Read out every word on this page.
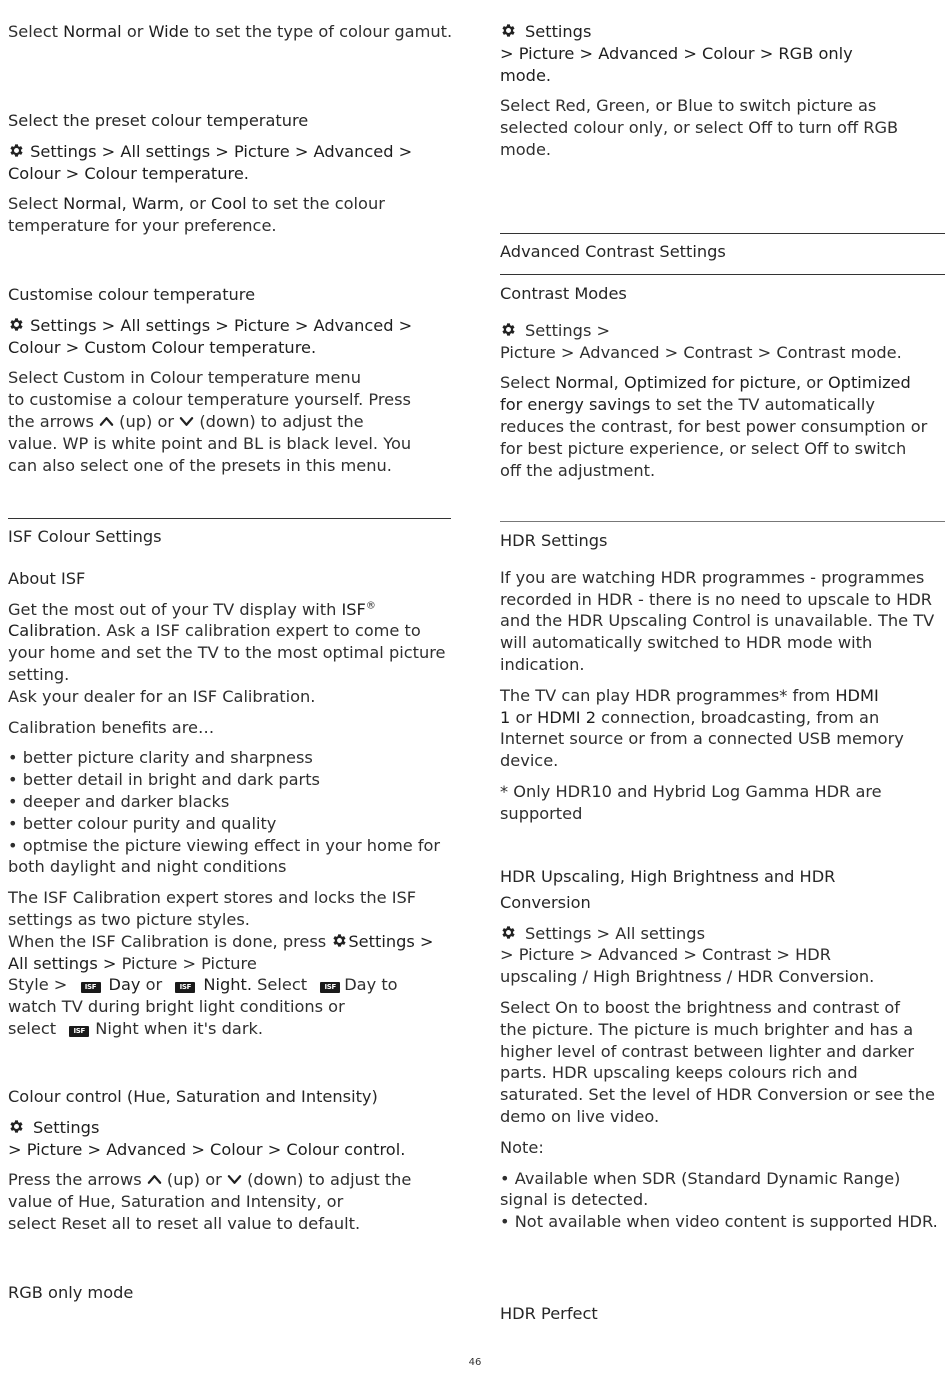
Select Normal or Wide to set the type of colour gamut.

Select the preset colour temperature

Settings > All settings > Picture > Advanced >

Colour > Colour temperature.

Select Normal, Warm, or Cool to set the colour temperature for your preference.

Customise colour temperature

Settings > All settings > Picture > Advanced >

Colour > Custom Colour temperature.

Select Custom in Colour temperature menu

to customise a colour temperature yourself. Press

the arrows  (up) or  (down) to adjust the

value. WP is white point and BL is black level. You

can also select one of the presets in this menu.

ISF Colour Settings

About ISF

Get the most out of your TV display with ISF®

Calibration. Ask a ISF calibration expert to come to

your home and set the TV to the most optimal picture

setting.

Ask your dealer for an ISF Calibration.

Calibration benefits are…

• better picture clarity and sharpness

• better detail in bright and dark parts

• deeper and darker blacks

• better colour purity and quality

• optmise the picture viewing effect in your home for

both daylight and night conditions

The ISF Calibration expert stores and locks the ISF

settings as two picture styles.

When the ISF Calibration is done, press Settings >

All settings > Picture > Picture

Style > ISF Day or ISF Night. Select ISF Day to

watch TV during bright light conditions or

select ISF Night when it's dark.

Colour control (Hue, Saturation and Intensity)

Settings

> Picture > Advanced > Colour > Colour control.

Press the arrows  (up) or  (down) to adjust the

value of Hue, Saturation and Intensity, or

select Reset all to reset all value to default.

RGB only mode

Settings

> Picture > Advanced > Colour > RGB only

mode.

Select Red, Green, or Blue to switch picture as

selected colour only, or select Off to turn off RGB

mode.

Advanced Contrast Settings

Contrast Modes

Settings >

Picture > Advanced > Contrast > Contrast mode.

Select Normal, Optimized for picture, or Optimized

for energy savings to set the TV automatically

reduces the contrast, for best power consumption or

for best picture experience, or select Off to switch

off the adjustment.

HDR Settings

If you are watching HDR programmes - programmes

recorded in HDR - there is no need to upscale to HDR

and the HDR Upscaling Control is unavailable. The TV

will automatically switched to HDR mode with

indication.

The TV can play HDR programmes* from HDMI

1 or HDMI 2 connection, broadcasting, from an

Internet source or from a connected USB memory

device.

* Only HDR10 and Hybrid Log Gamma HDR are

supported

HDR Upscaling, High Brightness and HDR

Conversion

Settings > All settings

> Picture > Advanced > Contrast > HDR

upscaling / High Brightness / HDR Conversion.

Select On to boost the brightness and contrast of

the picture. The picture is much brighter and has a

higher level of contrast between lighter and darker

parts. HDR upscaling keeps colours rich and

saturated. Set the level of HDR Conversion or see the

demo on live video.

Note:

• Available when SDR (Standard Dynamic Range)

signal is detected.

• Not available when video content is supported HDR.

HDR Perfect

46
